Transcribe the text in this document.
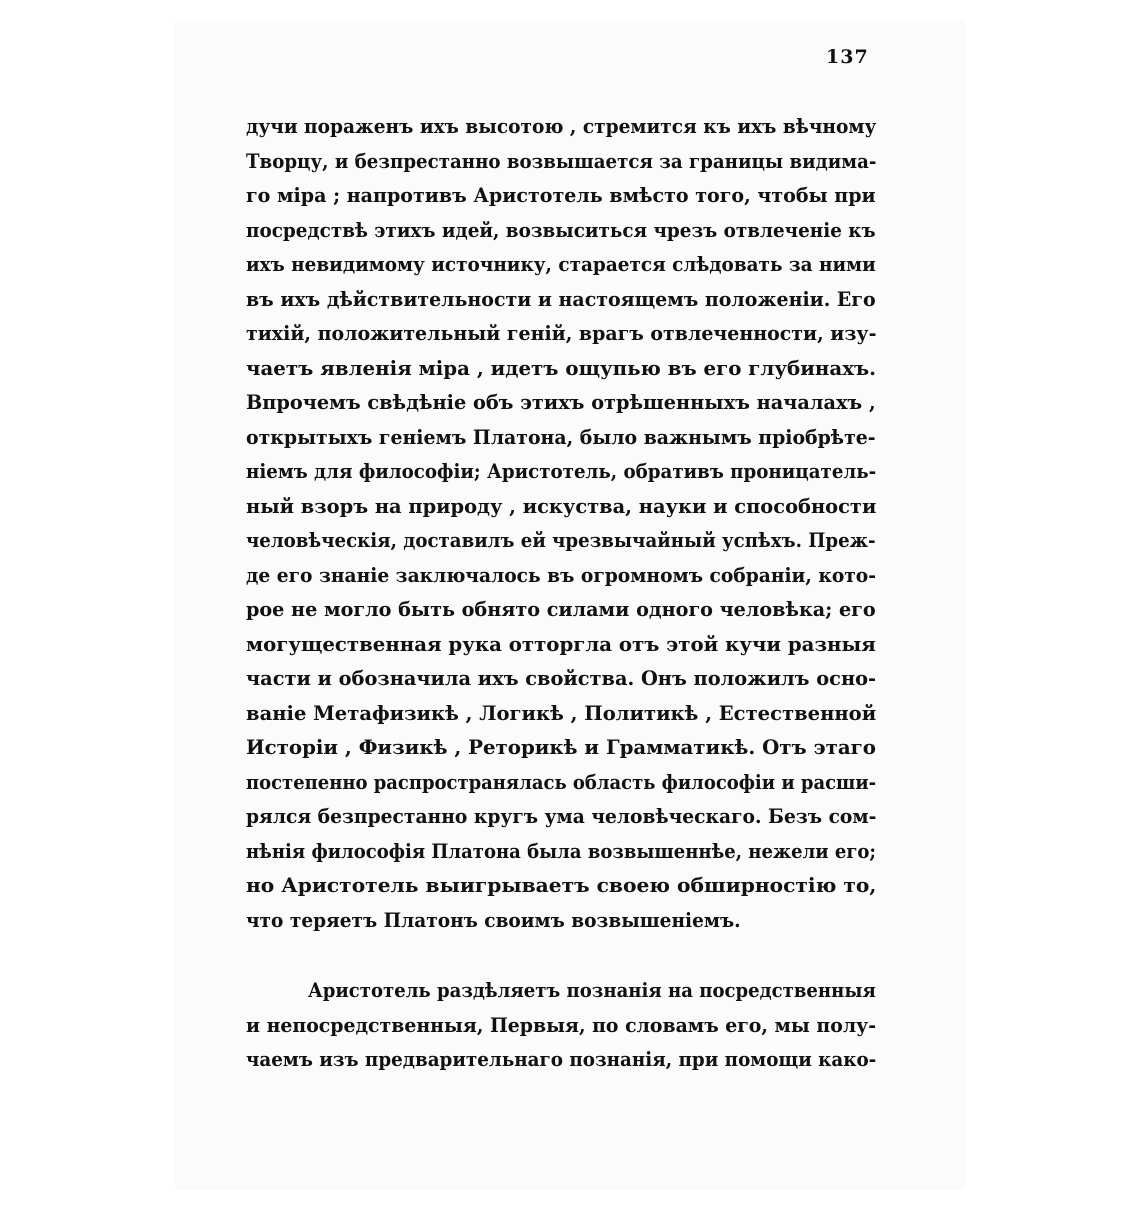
137
дучи пораженъ ихъ высотою , стремится къ ихъ вѣчному
Творцу, и безпрестанно возвышается за границы видима-
го міра ; напротивъ Аристотель вмѣсто того, чтобы при
посредствѣ этихъ идей, возвыситься чрезъ отвлеченіе къ
ихъ невидимому источнику, старается слѣдовать за ними
въ ихъ дѣйствительности и настоящемъ положеніи. Его
тихій, положительный геній, врагъ отвлеченности, изу-
чаетъ явленія міра , идетъ ощупью въ его глубинахъ.
Впрочемъ свѣдѣніе объ этихъ отрѣшенныхъ началахъ ,
открытыхъ геніемъ Платона, было важнымъ пріобрѣте-
ніемъ для философіи; Аристотель, обративъ проницатель-
ный взоръ на природу , искуства, науки и способности
человѣческія, доставилъ ей чрезвычайный успѣхъ. Преж-
де его знаніе заключалось въ огромномъ собраніи, кото-
рое не могло быть обнято силами одного человѣка; его
могущественная рука отторгла отъ этой кучи разныя
части и обозначила ихъ свойства. Онъ положилъ осно-
ваніе Метафизикѣ , Логикѣ , Политикѣ , Естественной
Исторіи , Физикѣ , Реторикѣ и Грамматикѣ. Отъ этаго
постепенно распространялась область философіи и расши-
рялся безпрестанно кругъ ума человѣческаго. Безъ сом-
нѣнія философія Платона была возвышеннѣе, нежели его;
но Аристотель выигрываетъ своею обширностію то,
что теряетъ Платонъ своимъ возвышеніемъ.
Аристотель раздѣляетъ познанія на посредственныя
и непосредственныя, Первыя, по словамъ его, мы полу-
чаемъ изъ предварительнаго познанія, при помощи како-
